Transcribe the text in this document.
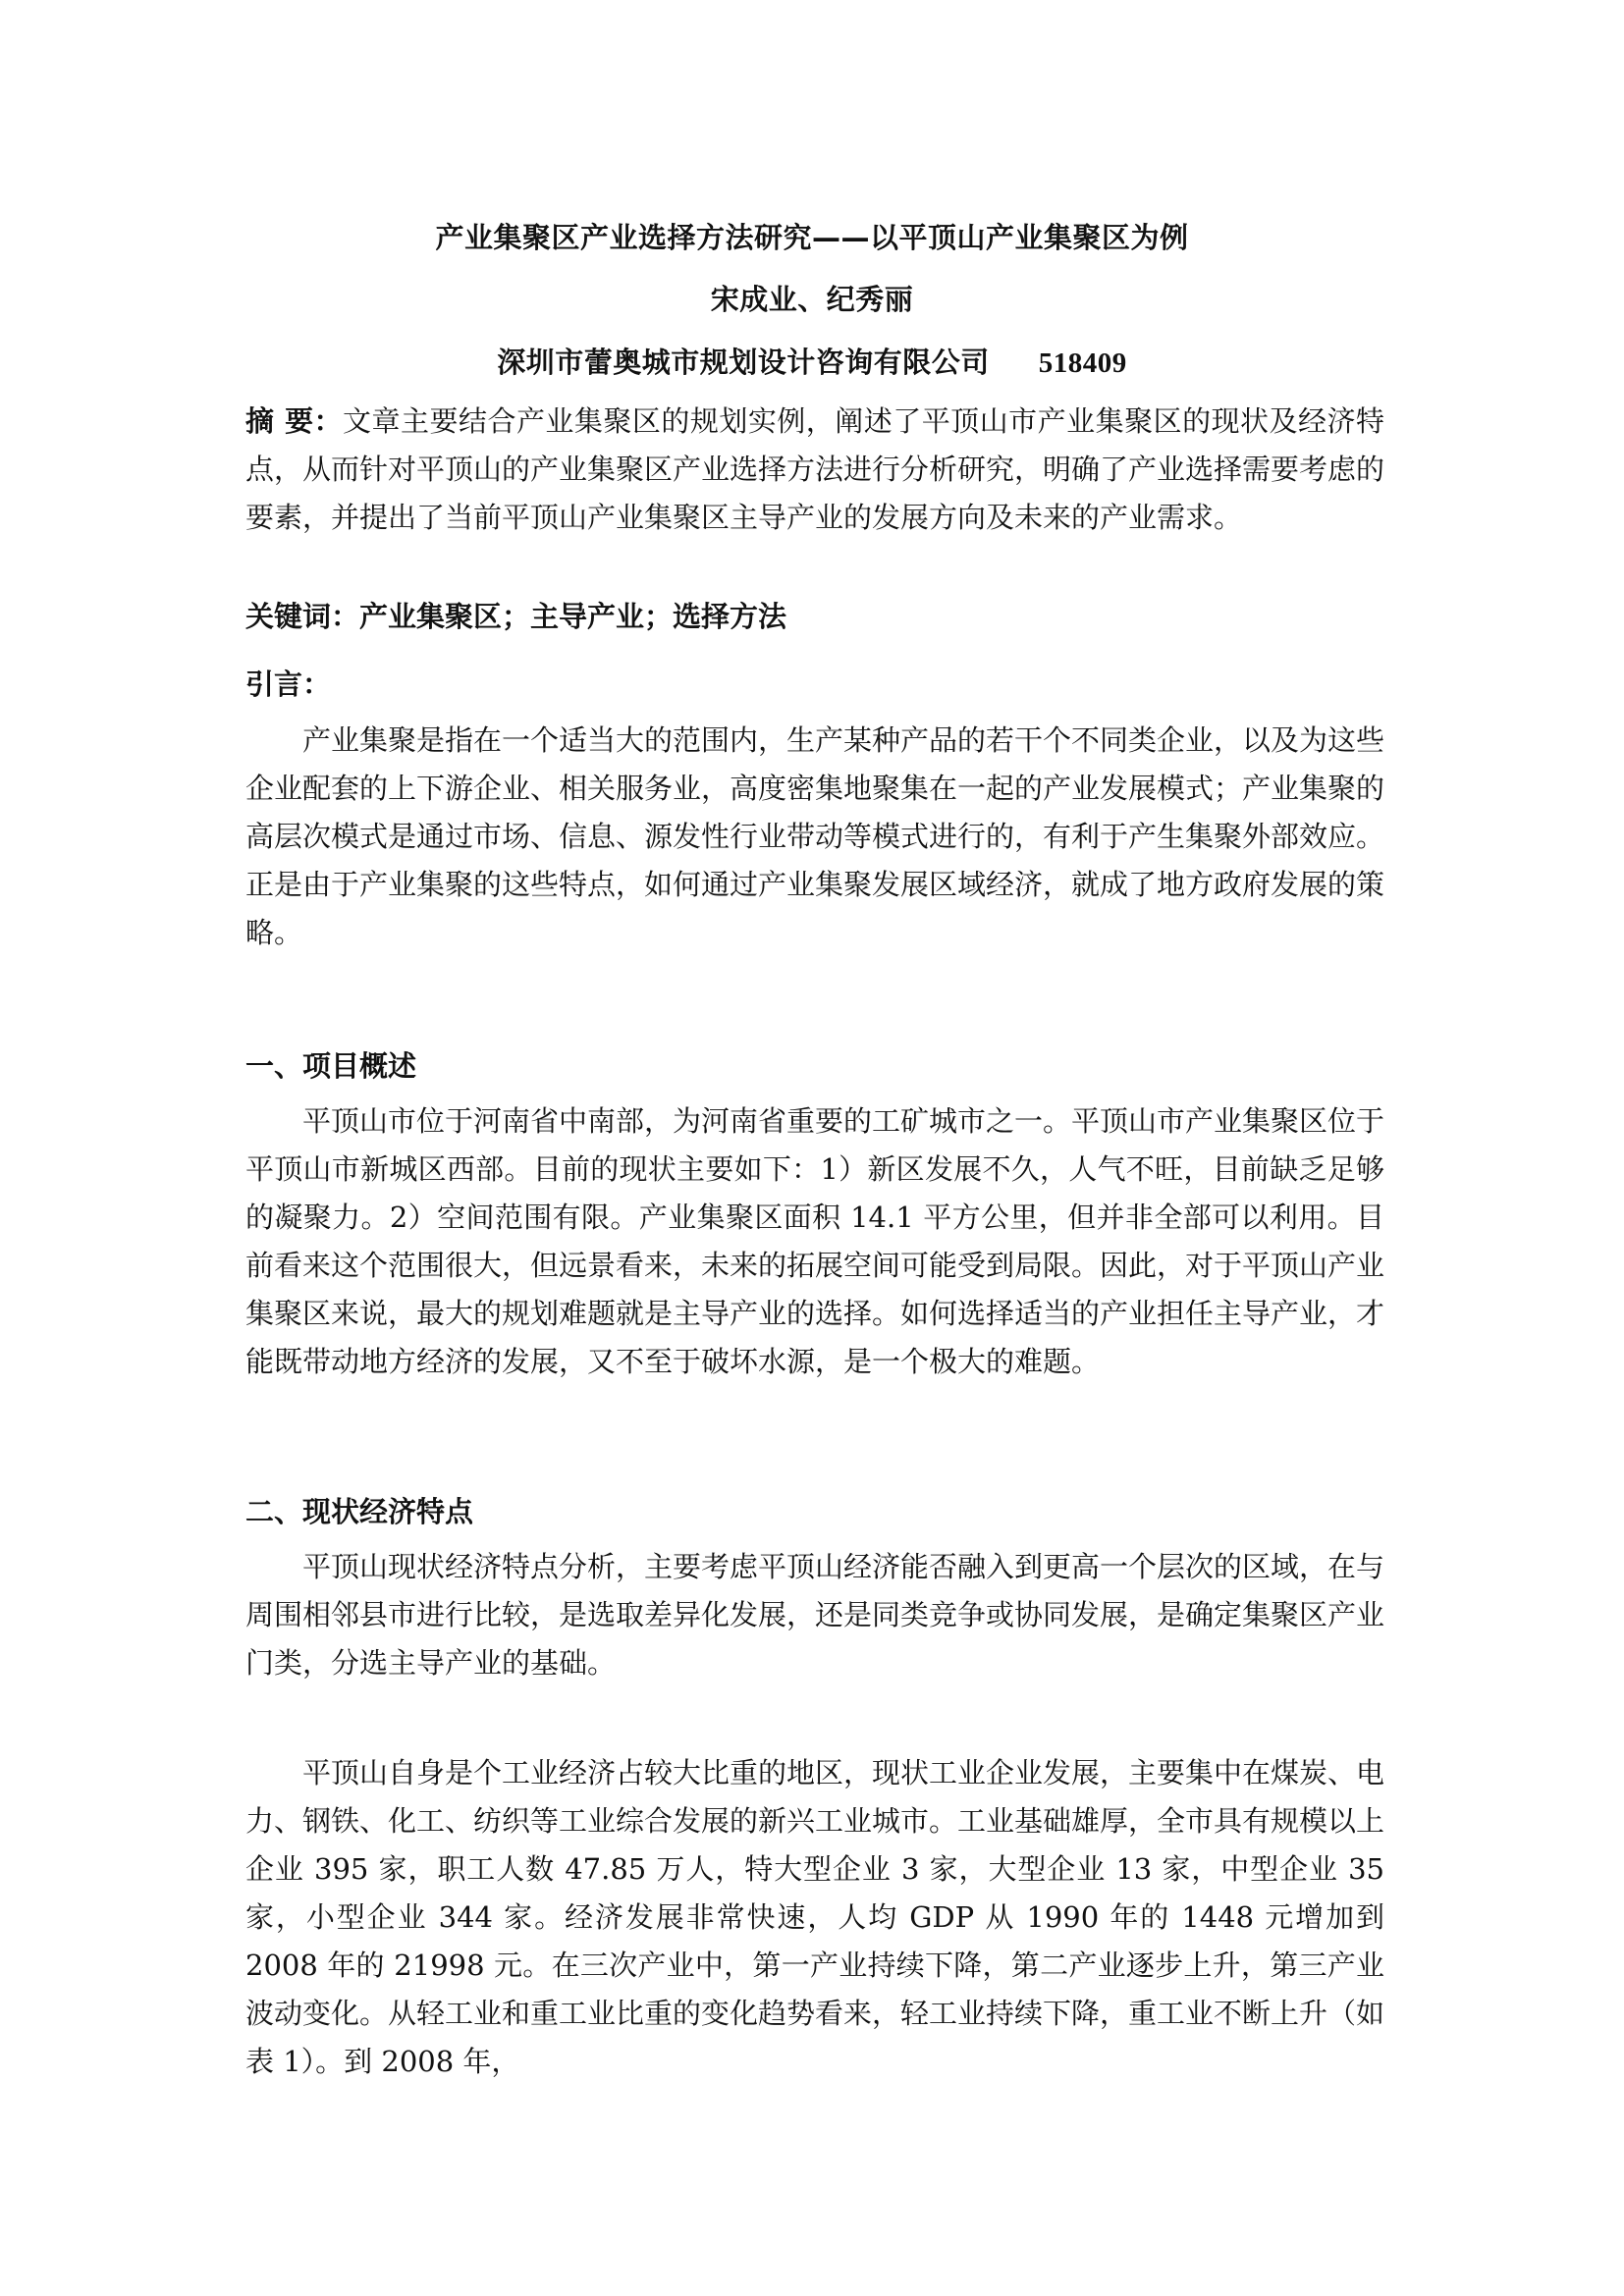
产业集聚区产业选择方法研究——以平顶山产业集聚区为例
宋成业、纪秀丽
深圳市蕾奥城市规划设计咨询有限公司 518409

摘 要：文章主要结合产业集聚区的规划实例，阐述了平顶山市产业集聚区的现状及经济特点，从而针对平顶山的产业集聚区产业选择方法进行分析研究，明确了产业选择需要考虑的要素，并提出了当前平顶山产业集聚区主导产业的发展方向及未来的产业需求。

关键词：产业集聚区；主导产业；选择方法

引言：

产业集聚是指在一个适当大的范围内，生产某种产品的若干个不同类企业，以及为这些企业配套的上下游企业、相关服务业，高度密集地聚集在一起的产业发展模式；产业集聚的高层次模式是通过市场、信息、源发性行业带动等模式进行的，有利于产生集聚外部效应。正是由于产业集聚的这些特点，如何通过产业集聚发展区域经济，就成了地方政府发展的策略。

一、项目概述

平顶山市位于河南省中南部，为河南省重要的工矿城市之一。平顶山市产业集聚区位于平顶山市新城区西部。目前的现状主要如下：1）新区发展不久，人气不旺，目前缺乏足够的凝聚力。2）空间范围有限。产业集聚区面积 14.1 平方公里，但并非全部可以利用。目前看来这个范围很大，但远景看来，未来的拓展空间可能受到局限。因此，对于平顶山产业集聚区来说，最大的规划难题就是主导产业的选择。如何选择适当的产业担任主导产业，才能既带动地方经济的发展，又不至于破坏水源，是一个极大的难题。

二、现状经济特点

平顶山现状经济特点分析，主要考虑平顶山经济能否融入到更高一个层次的区域，在与周围相邻县市进行比较，是选取差异化发展，还是同类竞争或协同发展，是确定集聚区产业门类，分选主导产业的基础。

平顶山自身是个工业经济占较大比重的地区，现状工业企业发展，主要集中在煤炭、电力、钢铁、化工、纺织等工业综合发展的新兴工业城市。工业基础雄厚，全市具有规模以上企业 395 家，职工人数 47.85 万人，特大型企业 3 家，大型企业 13 家，中型企业 35 家，小型企业 344 家。经济发展非常快速，人均 GDP 从 1990 年的 1448 元增加到 2008 年的 21998 元。在三次产业中，第一产业持续下降，第二产业逐步上升，第三产业波动变化。从轻工业和重工业比重的变化趋势看来，轻工业持续下降，重工业不断上升（如表 1）。到 2008 年，
